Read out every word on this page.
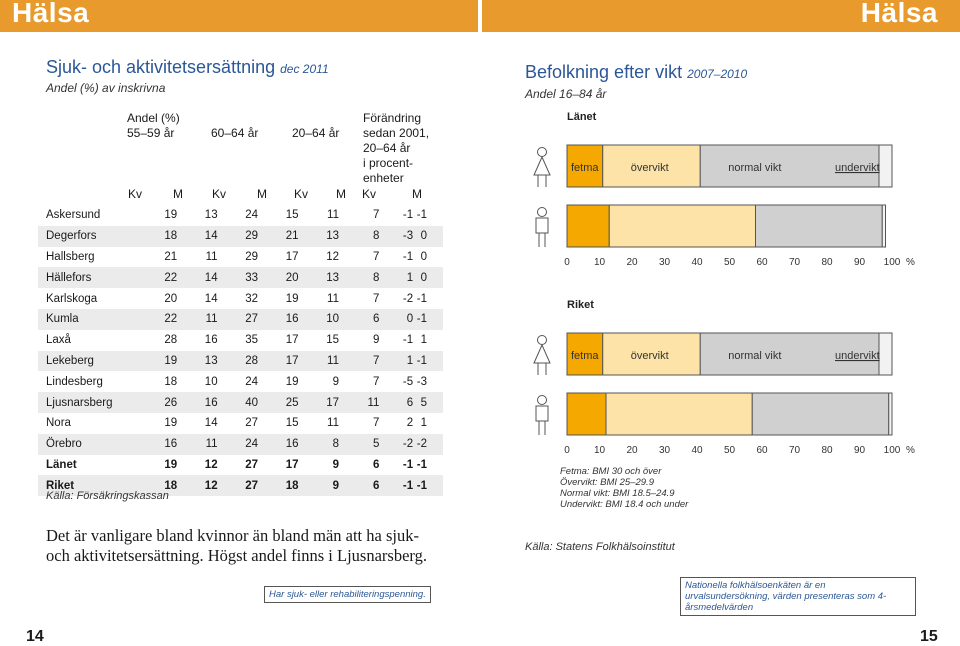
Hälsa	Hälsa
Sjuk- och aktivitetsersättning dec 2011
Andel (%) av inskrivna
Andel (%)
55–59 år	60–64 år	20–64 år
Förändring
sedan 2001,
20–64 år
i procent-
enheter
Kv	M Kv	M Kv M Kv	M
Askersund	19	13	24	15	11	7	-1	-1
Degerfors	18	14	29	21	13	8	-3	0
Hallsberg	21	11	29	17	12	7	-1	0
Hällefors	22	14	33	20	13	8	1	0
Karlskoga	20	14	32	19	11	7	-2	-1
Kumla	22	11	27	16	10	6	0	-1
Laxå	28	16	35	17	15	9	-1	1
Lekeberg	19	13	28	17	11	7	1	-1
Lindesberg	18	10	24	19	9	7	-5	-3
Ljusnarsberg	26	16	40	25	17	11	6	5
Nora	19	14	27	15	11	7	2	1
Örebro	16	11	24	16	8	5	-2	-2
Länet	19	12	27	17	9	6	-1	-1
Riket	18	12	27	18	9	6	-1	-1
Källa: Försäkringskassan
Det är vanligare bland kvinnor än bland män att ha sjuk- och aktivitetsersättning. Högst andel finns i Ljusnarsberg.
Har sjuk- eller rehabiliteringspenning.
14
Befolkning efter vikt 2007–2010
Andel 16–84 år
Länet
fetma	övervikt	normal vikt	undervikt
0 10 20 30 40 50 60 70 80 90 100 %
Riket
fetma	övervikt	normal vikt	undervikt
0 10 20 30 40 50 60 70 80 90 100 %
Fetma: BMI 30 och över
Övervikt: BMI 25–29.9
Normal vikt: BMI 18.5–24.9
Undervikt: BMI 18.4 och under
Källa: Statens Folkhälsoinstitut
Nationella folkhälsoenkäten är en urvalsundersökning, värden presenteras som 4-årsmedelvärden
15
